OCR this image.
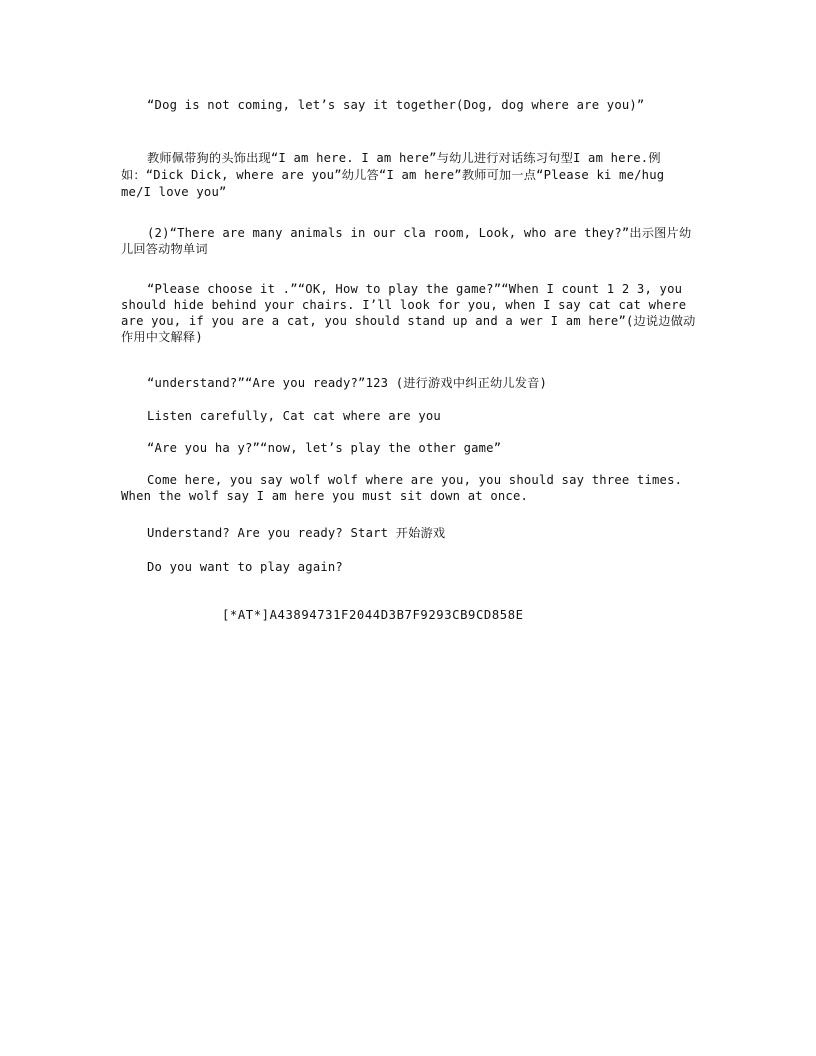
“Dog is not coming, let’s say it together(Dog, dog where are you)”
教师佩带狗的头饰出现“I am here. I am here”与幼儿进行对话练习句型I am here.例如：“Dick Dick, where are you”幼儿答“I am here”教师可加一点“Please ki me/hug me/I love you”
(2)“There are many animals in our cla room, Look, who are they?”出示图片幼儿回答动物单词
“Please choose it .”“OK, How to play the game?”“When I count 1 2 3, you should hide behind your chairs. I’ll look for you, when I say cat cat where are you, if you are a cat, you should stand up and a wer I am here”(边说边做动作用中文解释)
“understand?”“Are you ready?”123 (进行游戏中纠正幼儿发音)
Listen carefully, Cat cat where are you
“Are you ha y?”“now, let’s play the other game”
Come here, you say wolf wolf where are you, you should say three times. When the wolf say I am here you must sit down at once.
Understand? Are you ready? Start 开始游戏
Do you want to play again?
[*AT*]A43894731F2044D3B7F9293CB9CD858E
